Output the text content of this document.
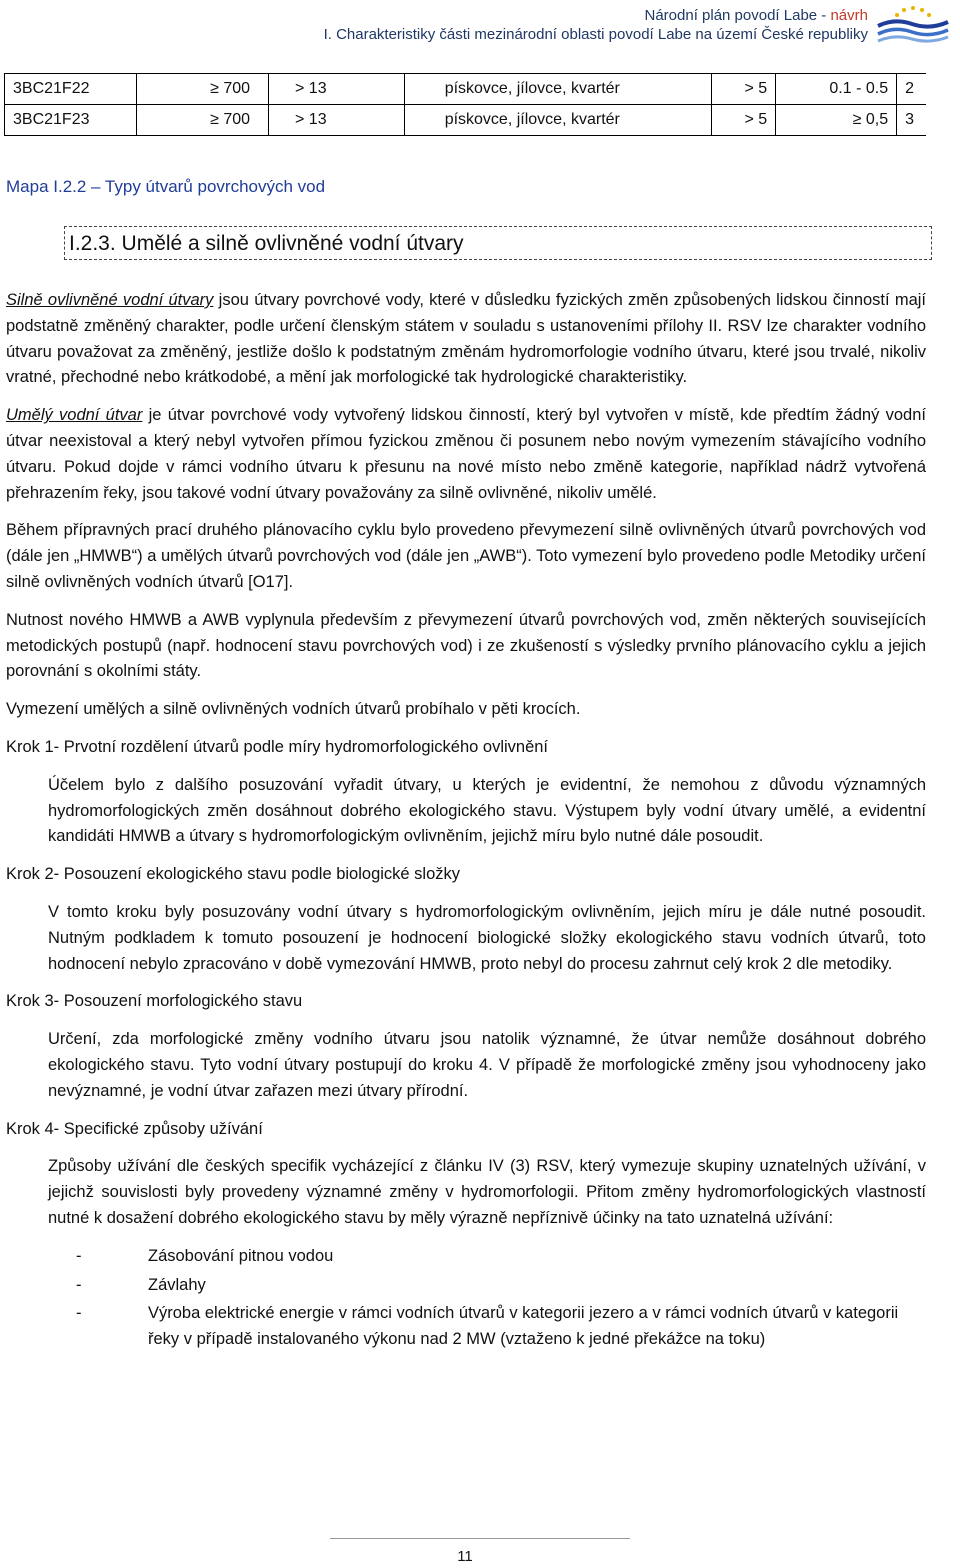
Národní plán povodí Labe - návrh
I. Charakteristiky části mezinárodní oblasti povodí Labe na území České republiky
3BC21F22	≥ 700	> 13	pískovce, jílovce, kvartér	> 5	0.1 - 0.5	2
3BC21F23	≥ 700	> 13	pískovce, jílovce, kvartér	> 5	≥ 0,5	3
Mapa I.2.2 – Typy útvarů povrchových vod
I.2.3. Umělé a silně ovlivněné vodní útvary

Silně ovlivněné vodní útvary jsou útvary povrchové vody, které v důsledku fyzických změn způsobených lidskou činností mají podstatně změněný charakter, podle určení členským státem v souladu s ustanoveními přílohy II. RSV lze charakter vodního útvaru považovat za změněný, jestliže došlo k podstatným změnám hydromorfologie vodního útvaru, které jsou trvalé, nikoliv vratné, přechodné nebo krátkodobé, a mění jak morfologické tak hydrologické charakteristiky.

Umělý vodní útvar je útvar povrchové vody vytvořený lidskou činností, který byl vytvořen v místě, kde předtím žádný vodní útvar neexistoval a který nebyl vytvořen přímou fyzickou změnou či posunem nebo novým vymezením stávajícího vodního útvaru. Pokud dojde v rámci vodního útvaru k přesunu na nové místo nebo změně kategorie, například nádrž vytvořená přehrazením řeky, jsou takové vodní útvary považovány za silně ovlivněné, nikoliv umělé.

Během přípravných prací druhého plánovacího cyklu bylo provedeno převymezení silně ovlivněných útvarů povrchových vod (dále jen „HMWB“) a umělých útvarů povrchových vod (dále jen „AWB“). Toto vymezení bylo provedeno podle Metodiky určení silně ovlivněných vodních útvarů [O17].

Nutnost nového HMWB a AWB vyplynula především z převymezení útvarů povrchových vod, změn některých souvisejících metodických postupů (např. hodnocení stavu povrchových vod) i ze zkušeností s výsledky prvního plánovacího cyklu a jejich porovnání s okolními státy.

Vymezení umělých a silně ovlivněných vodních útvarů probíhalo v pěti krocích.

Krok 1- Prvotní rozdělení útvarů podle míry hydromorfologického ovlivnění

Účelem bylo z dalšího posuzování vyřadit útvary, u kterých je evidentní, že nemohou z důvodu významných hydromorfologických změn dosáhnout dobrého ekologického stavu. Výstupem byly vodní útvary umělé, a evidentní kandidáti HMWB a útvary s hydromorfologickým ovlivněním, jejichž míru bylo nutné dále posoudit.

Krok 2- Posouzení ekologického stavu podle biologické složky

V tomto kroku byly posuzovány vodní útvary s hydromorfologickým ovlivněním, jejich míru je dále nutné posoudit. Nutným podkladem k tomuto posouzení je hodnocení biologické složky ekologického stavu vodních útvarů, toto hodnocení nebylo zpracováno v době vymezování HMWB, proto nebyl do procesu zahrnut celý krok 2 dle metodiky.

Krok 3- Posouzení morfologického stavu

Určení, zda morfologické změny vodního útvaru jsou natolik významné, že útvar nemůže dosáhnout dobrého ekologického stavu. Tyto vodní útvary postupují do kroku 4. V případě že morfologické změny jsou vyhodnoceny jako nevýznamné, je vodní útvar zařazen mezi útvary přírodní.

Krok 4- Specifické způsoby užívání

Způsoby užívání dle českých specifik vycházející z článku IV (3) RSV, který vymezuje skupiny uznatelných užívání, v jejichž souvislosti byly provedeny významné změny v hydromorfologii. Přitom změny hydromorfologických vlastností nutné k dosažení dobrého ekologického stavu by měly výrazně nepříznivě účinky na tato uznatelná užívání:

-	Zásobování pitnou vodou
-	Závlahy
-	Výroba elektrické energie v rámci vodních útvarů v kategorii jezero a v rámci vodních útvarů v kategorii řeky v případě instalovaného výkonu nad 2 MW (vztaženo k jedné překážce na toku)
11
